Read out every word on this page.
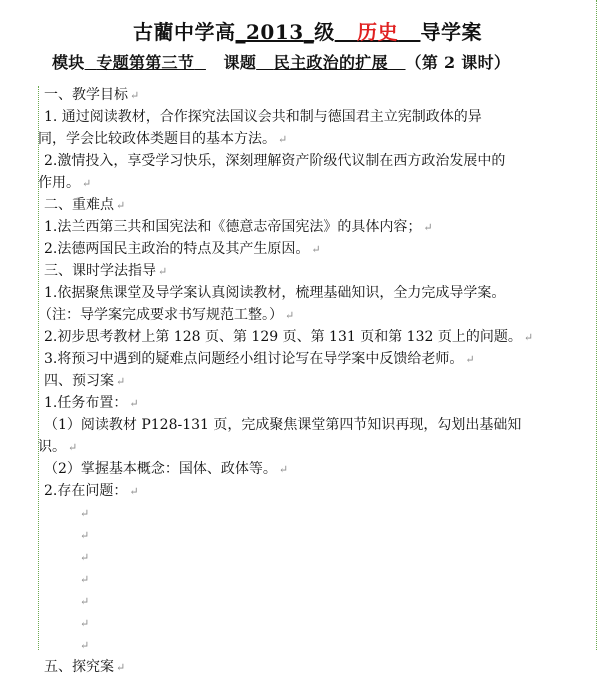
古藺中学高_2013_级 历史 导学案
模块 专题第第三节 课题 民主政治的扩展 （第 2 课时）
一、教学目标 ↵
1. 通过阅读教材，合作探究法国议会共和制与德国君主立宪制政体的异
同，学会比较政体类题目的基本方法。 ↵
2.激情投入，享受学习快乐，深刻理解资产阶级代议制在西方政治发展中的
作用。 ↵
二、重难点 ↵
1.法兰西第三共和国宪法和《德意志帝国宪法》的具体内容； ↵
2.法德两国民主政治的特点及其产生原因。 ↵
三、课时学法指导 ↵
1.依据聚焦课堂及导学案认真阅读教材，梳理基础知识，全力完成导学案。
（注：导学案完成要求书写规范工整。） ↵
2.初步思考教材上第 128 页、第 129 页、第 131 页和第 132 页上的问题。 ↵
3.将预习中遇到的疑难点问题经小组讨论写在导学案中反馈给老师。 ↵
四、预习案 ↵
1.任务布置： ↵
（1）阅读教材 P128-131 页，完成聚焦课堂第四节知识再现，勾划出基础知
识。 ↵
（2）掌握基本概念：国体、政体等。 ↵
2.存在问题： ↵
↵
↵
↵
↵
↵
↵
↵
五、探究案 ↵
